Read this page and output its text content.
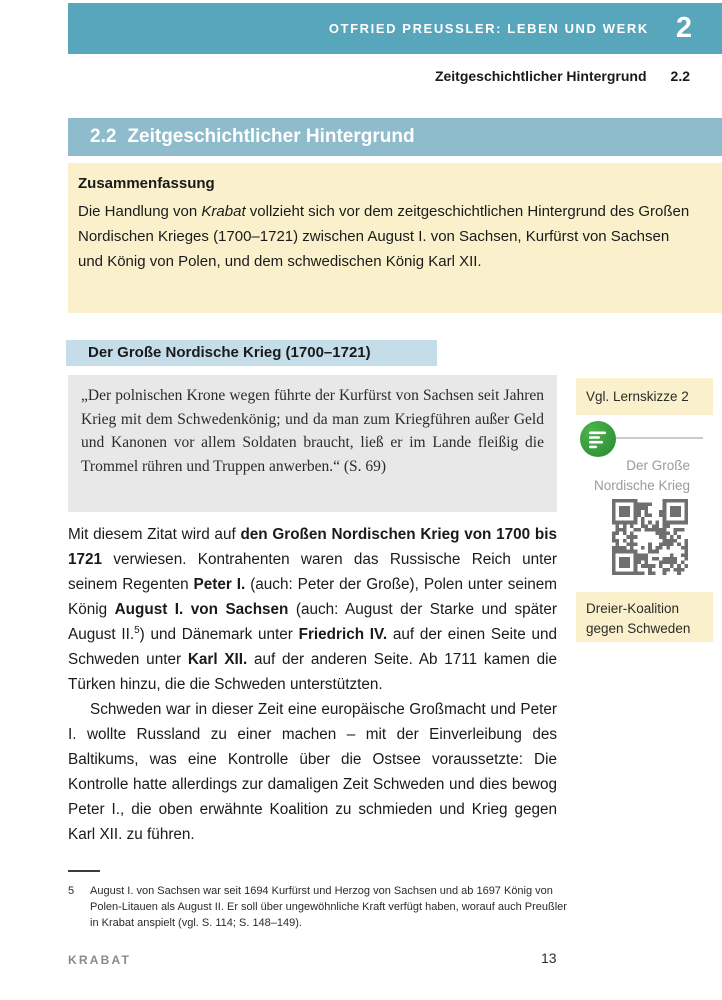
OTFRIED PREUSSLER: LEBEN UND WERK 2
Zeitgeschichtlicher Hintergrund 2.2
2.2 Zeitgeschichtlicher Hintergrund

Zusammenfassung

Die Handlung von Krabat vollzieht sich vor dem zeitgeschichtlichen Hintergrund des Großen Nordischen Krieges (1700–1721) zwischen August I. von Sachsen, Kurfürst von Sachsen und König von Polen, und dem schwedischen König Karl XII.

Der Große Nordische Krieg (1700–1721)
„Der polnischen Krone wegen führte der Kurfürst von Sachsen seit Jahren Krieg mit dem Schwedenkönig; und da man zum Kriegführen außer Geld und Kanonen vor allem Soldaten braucht, ließ er im Lande fleißig die Trommel rühren und Truppen anwerben.“ (S. 69)
Vgl. Lernskizze 2
Der Große
Nordische Krieg
Dreier-Koalition
gegen Schweden

Mit diesem Zitat wird auf den Großen Nordischen Krieg von 1700 bis 1721 verwiesen. Kontrahenten waren das Russische Reich unter seinem Regenten Peter I. (auch: Peter der Große), Polen unter seinem König August I. von Sachsen (auch: August der Starke und später August II.$^5$) und Dänemark unter Friedrich IV. auf der einen Seite und Schweden unter Karl XII. auf der anderen Seite. Ab 1711 kamen die Türken hinzu, die die Schweden unterstützten.

Schweden war in dieser Zeit eine europäische Großmacht und Peter I. wollte Russland zu einer machen – mit der Einverleibung des Baltikums, was eine Kontrolle über die Ostsee voraussetzte: Die Kontrolle hatte allerdings zur damaligen Zeit Schweden und dies bewog Peter I., die oben erwähnte Koalition zu schmieden und Krieg gegen Karl XII. zu führen.

5	August I. von Sachsen war seit 1694 Kurfürst und Herzog von Sachsen und ab 1697 König von Polen-Litauen als August II. Er soll über ungewöhnliche Kraft verfügt haben, worauf auch Preußler in Krabat anspielt (vgl. S. 114; S. 148–149).
KRABAT	13
